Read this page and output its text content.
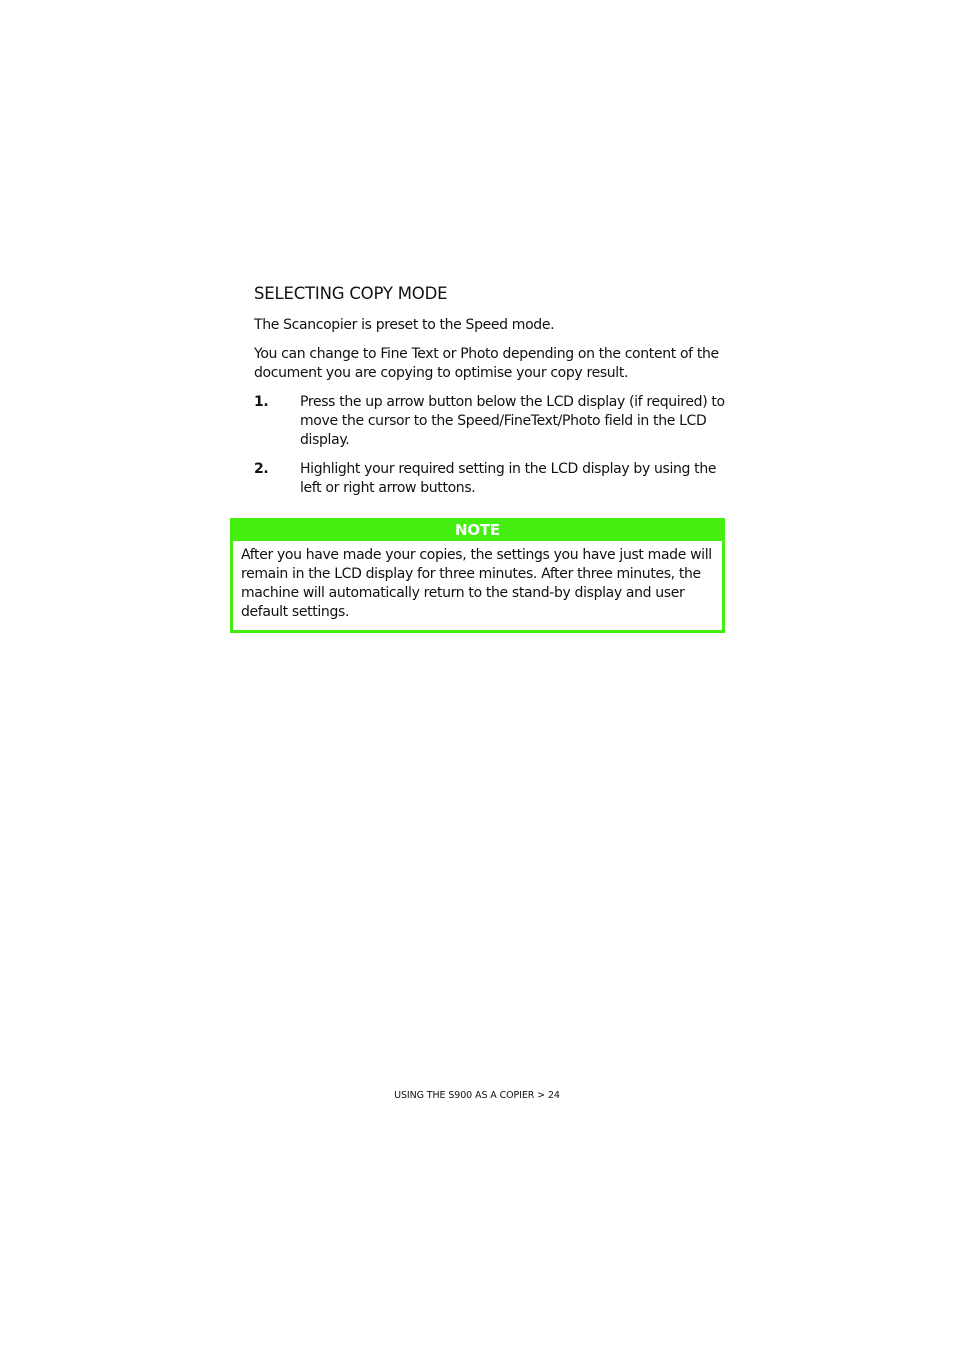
SELECTING COPY MODE

The Scancopier is preset to the Speed mode.

You can change to Fine Text or Photo depending on the content of the document you are copying to optimise your copy result.

1.	Press the up arrow button below the LCD display (if required) to move the cursor to the Speed/FineText/Photo field in the LCD display.
2.	Highlight your required setting in the LCD display by using the left or right arrow buttons.
NOTE
After you have made your copies, the settings you have just made will remain in the LCD display for three minutes. After three minutes, the machine will automatically return to the stand-by display and user default settings.
USING THE S900 AS A COPIER > 24
